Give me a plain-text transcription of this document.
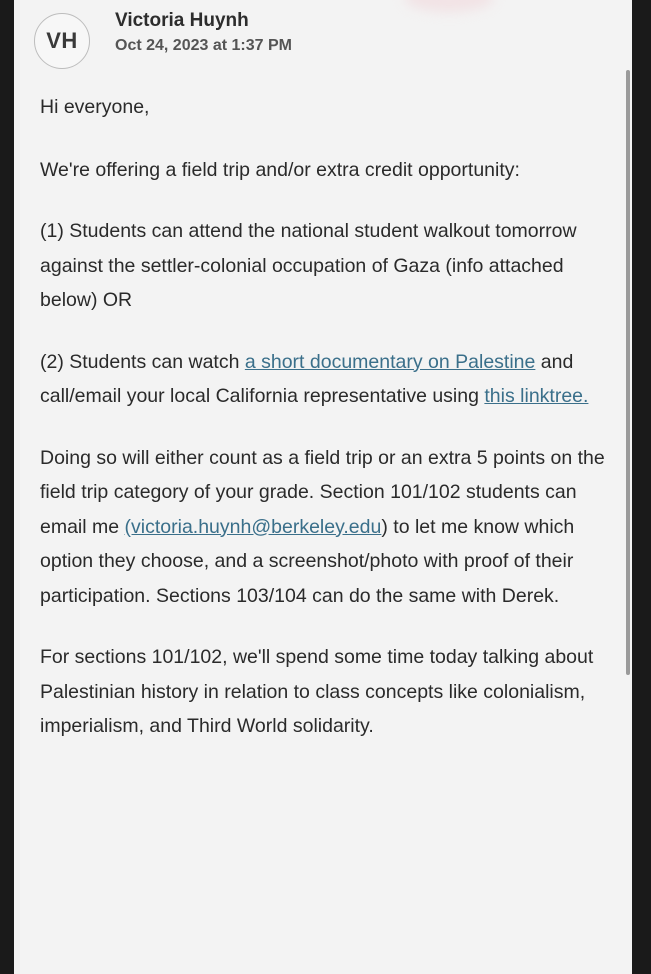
VH
Victoria Huynh
Oct 24, 2023 at 1:37 PM

Hi everyone,

We're offering a field trip and/or extra credit opportunity:

(1) Students can attend the national student walkout tomorrow against the settler-colonial occupation of Gaza (info attached below) OR

(2) Students can watch a short documentary on Palestine and call/email your local California representative using this linktree.

Doing so will either count as a field trip or an extra 5 points on the field trip category of your grade. Section 101/102 students can email me (victoria.huynh@berkeley.edu) to let me know which option they choose, and a screenshot/photo with proof of their participation. Sections 103/104 can do the same with Derek.

For sections 101/102, we'll spend some time today talking about Palestinian history in relation to class concepts like colonialism, imperialism, and Third World solidarity.
